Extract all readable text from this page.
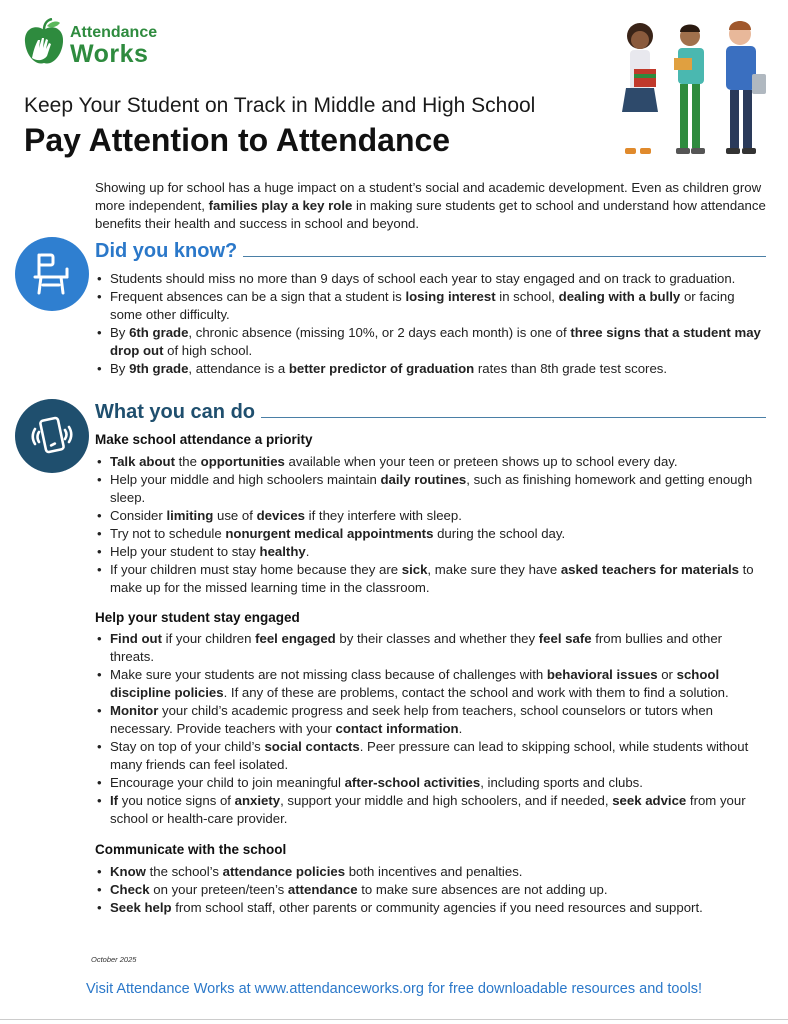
Attendance
Works
Keep Your Student on Track in Middle and High School
Pay Attention to Attendance
Showing up for school has a huge impact on a student’s social and academic development. Even as children grow more independent, families play a key role in making sure students get to school and understand how attendance benefits their health and success in school and beyond.
Did you know?
• Students should miss no more than 9 days of school each year to stay engaged and on track to graduation.
• Frequent absences can be a sign that a student is losing interest in school, dealing with a bully or facing some other difficulty.
• By 6th grade, chronic absence (missing 10%, or 2 days each month) is one of three signs that a student may drop out of high school.
• By 9th grade, attendance is a better predictor of graduation rates than 8th grade test scores.
What you can do
Make school attendance a priority
• Talk about the opportunities available when your teen or preteen shows up to school every day.
• Help your middle and high schoolers maintain daily routines, such as finishing homework and getting enough sleep.
• Consider limiting use of devices if they interfere with sleep.
• Try not to schedule nonurgent medical appointments during the school day.
• Help your student to stay healthy.
• If your children must stay home because they are sick, make sure they have asked teachers for materials to make up for the missed learning time in the classroom.
Help your student stay engaged
• Find out if your children feel engaged by their classes and whether they feel safe from bullies and other threats.
• Make sure your students are not missing class because of challenges with behavioral issues or school discipline policies. If any of these are problems, contact the school and work with them to find a solution.
• Monitor your child’s academic progress and seek help from teachers, school counselors or tutors when necessary. Provide teachers with your contact information.
• Stay on top of your child’s social contacts. Peer pressure can lead to skipping school, while students without many friends can feel isolated.
• Encourage your child to join meaningful after-school activities, including sports and clubs.
• If you notice signs of anxiety, support your middle and high schoolers, and if needed, seek advice from your school or health-care provider.
Communicate with the school
• Know the school’s attendance policies both incentives and penalties.
• Check on your preteen/teen’s attendance to make sure absences are not adding up.
• Seek help from school staff, other parents or community agencies if you need resources and support.
October 2025
Visit Attendance Works at www.attendanceworks.org for free downloadable resources and tools!
